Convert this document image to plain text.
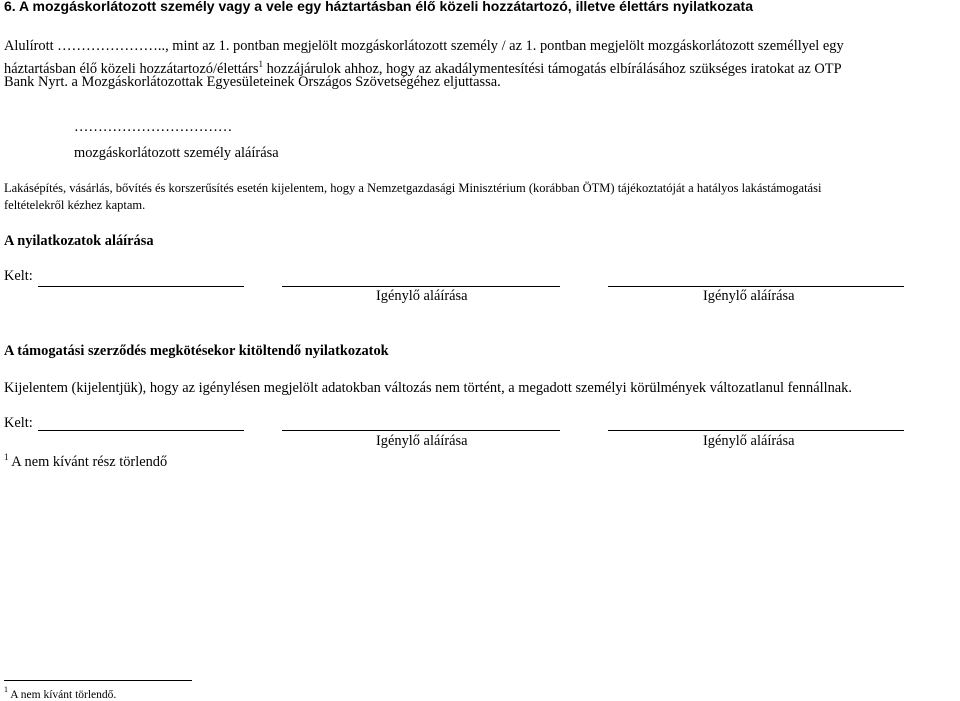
6. A mozgáskorlátozott személy vagy a vele egy háztartásban élő közeli hozzátartozó, illetve élettárs nyilatkozata
Alulírott ………………….., mint az 1. pontban megjelölt mozgáskorlátozott személy / az 1. pontban megjelölt mozgáskorlátozott személlyel egy
háztartásban élő közeli hozzátartozó/élettárs$^1$ hozzájárulok ahhoz, hogy az akadálymentesítési támogatás elbírálásához szükséges iratokat az OTP
Bank Nyrt. a Mozgáskorlátozottak Egyesületeinek Országos Szövetségéhez eljuttassa.
……………………………
mozgáskorlátozott személy aláírása
Lakásépítés, vásárlás, bővítés és korszerűsítés esetén kijelentem, hogy a Nemzetgazdasági Minisztérium (korábban ÖTM) tájékoztatóját a hatályos lakástámogatási
feltételekről kézhez kaptam.
A nyilatkozatok aláírása
Kelt:
Igénylő aláírása	Igénylő aláírása
A támogatási szerződés megkötésekor kitöltendő nyilatkozatok
Kijelentem (kijelentjük), hogy az igénylésen megjelölt adatokban változás nem történt, a megadott személyi körülmények változatlanul fennállnak.
Kelt:
Igénylő aláírása	Igénylő aláírása
$^1$ A nem kívánt rész törlendő
$^1$ A nem kívánt törlendő.
